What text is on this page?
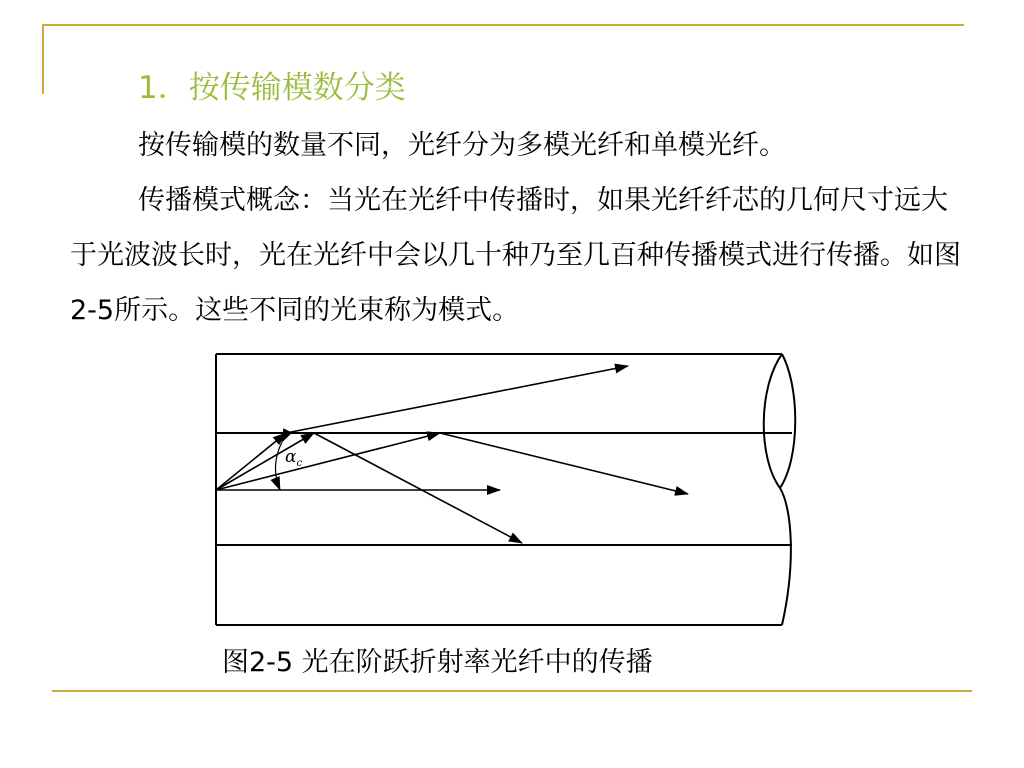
1．按传输模数分类

按传输模的数量不同，光纤分为多模光纤和单模光纤。

传播模式概念：当光在光纤中传播时，如果光纤纤芯的几何尺寸远大于光波波长时，光在光纤中会以几十种乃至几百种传播模式进行传播。如图2-5所示。这些不同的光束称为模式。

$\alpha_c$
图2-5 光在阶跃折射率光纤中的传播
